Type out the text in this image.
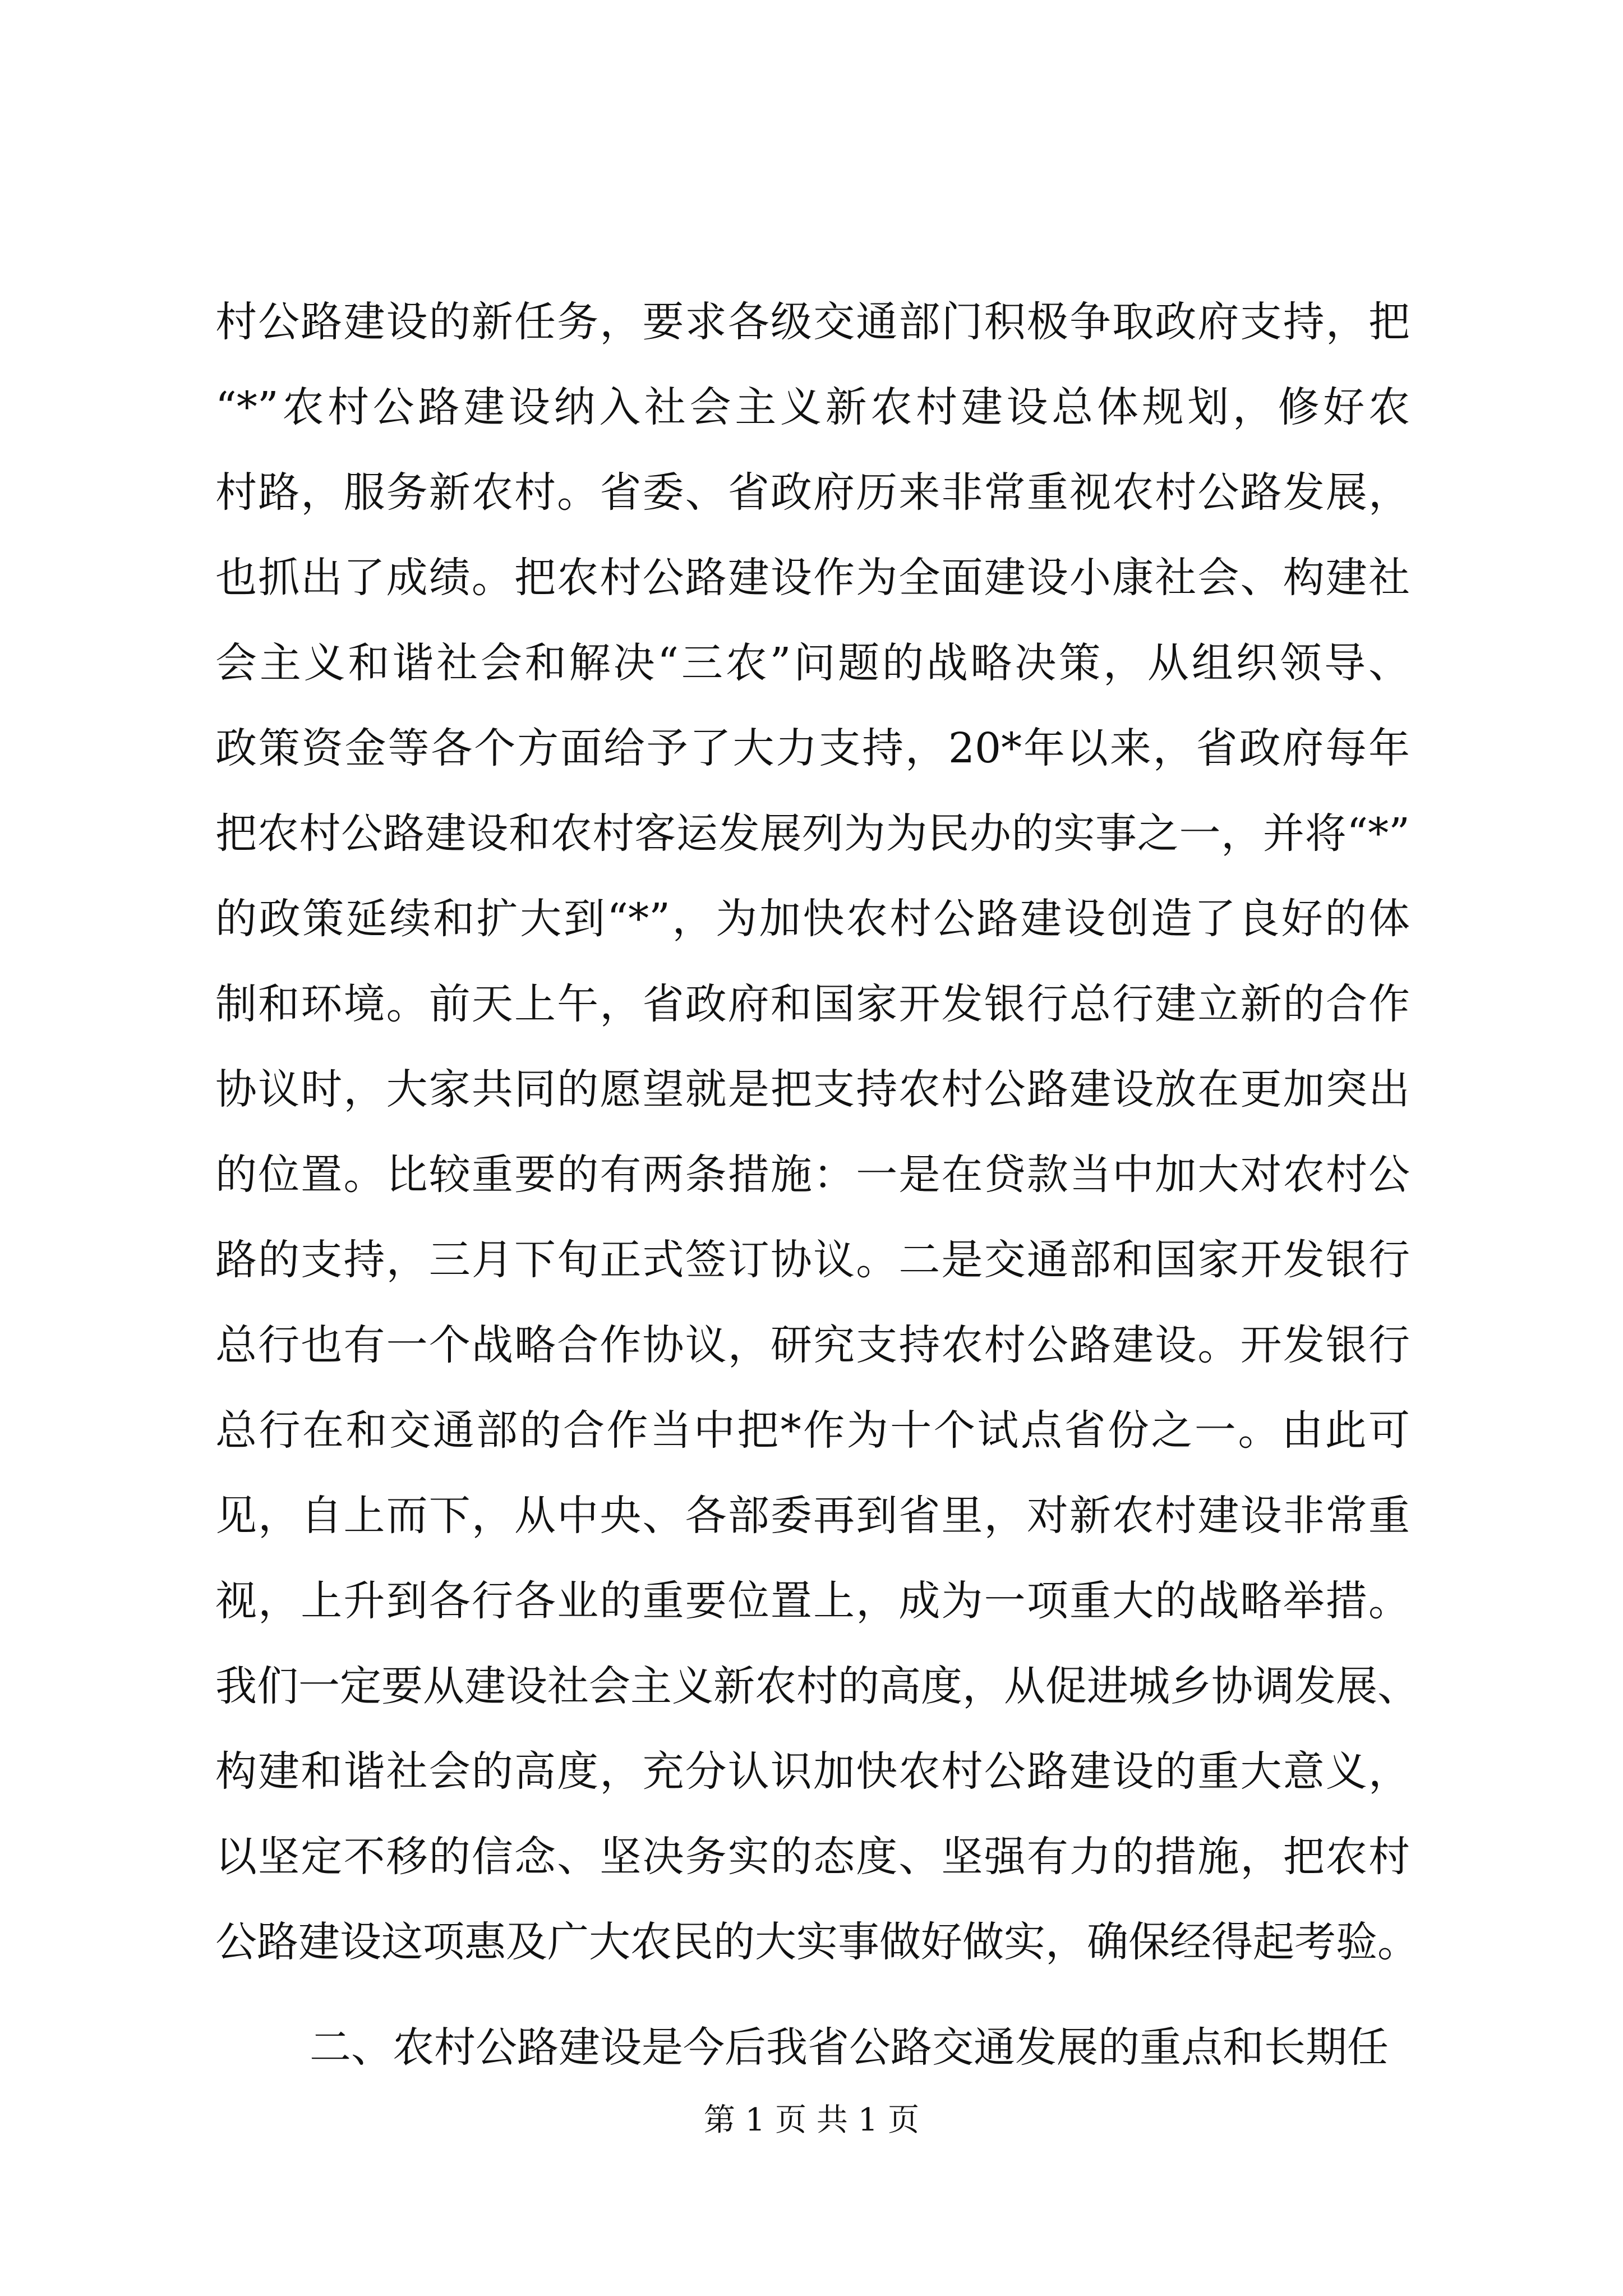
村公路建设的新任务，要求各级交通部门积极争取政府支持，把
“*”农村公路建设纳入社会主义新农村建设总体规划，修好农
村路，服务新农村。省委、省政府历来非常重视农村公路发展，
也抓出了成绩。把农村公路建设作为全面建设小康社会、构建社
会主义和谐社会和解决“三农”问题的战略决策，从组织领导、
政策资金等各个方面给予了大力支持，20*年以来，省政府每年
把农村公路建设和农村客运发展列为为民办的实事之一，并将“*”
的政策延续和扩大到“*”，为加快农村公路建设创造了良好的体
制和环境。前天上午，省政府和国家开发银行总行建立新的合作
协议时，大家共同的愿望就是把支持农村公路建设放在更加突出
的位置。比较重要的有两条措施：一是在贷款当中加大对农村公
路的支持，三月下旬正式签订协议。二是交通部和国家开发银行
总行也有一个战略合作协议，研究支持农村公路建设。开发银行
总行在和交通部的合作当中把*作为十个试点省份之一。由此可
见，自上而下，从中央、各部委再到省里，对新农村建设非常重
视，上升到各行各业的重要位置上，成为一项重大的战略举措。
我们一定要从建设社会主义新农村的高度，从促进城乡协调发展、
构建和谐社会的高度，充分认识加快农村公路建设的重大意义，
以坚定不移的信念、坚决务实的态度、坚强有力的措施，把农村
公路建设这项惠及广大农民的大实事做好做实，确保经得起考验。
二、农村公路建设是今后我省公路交通发展的重点和长期任
第 1 页 共 1 页
